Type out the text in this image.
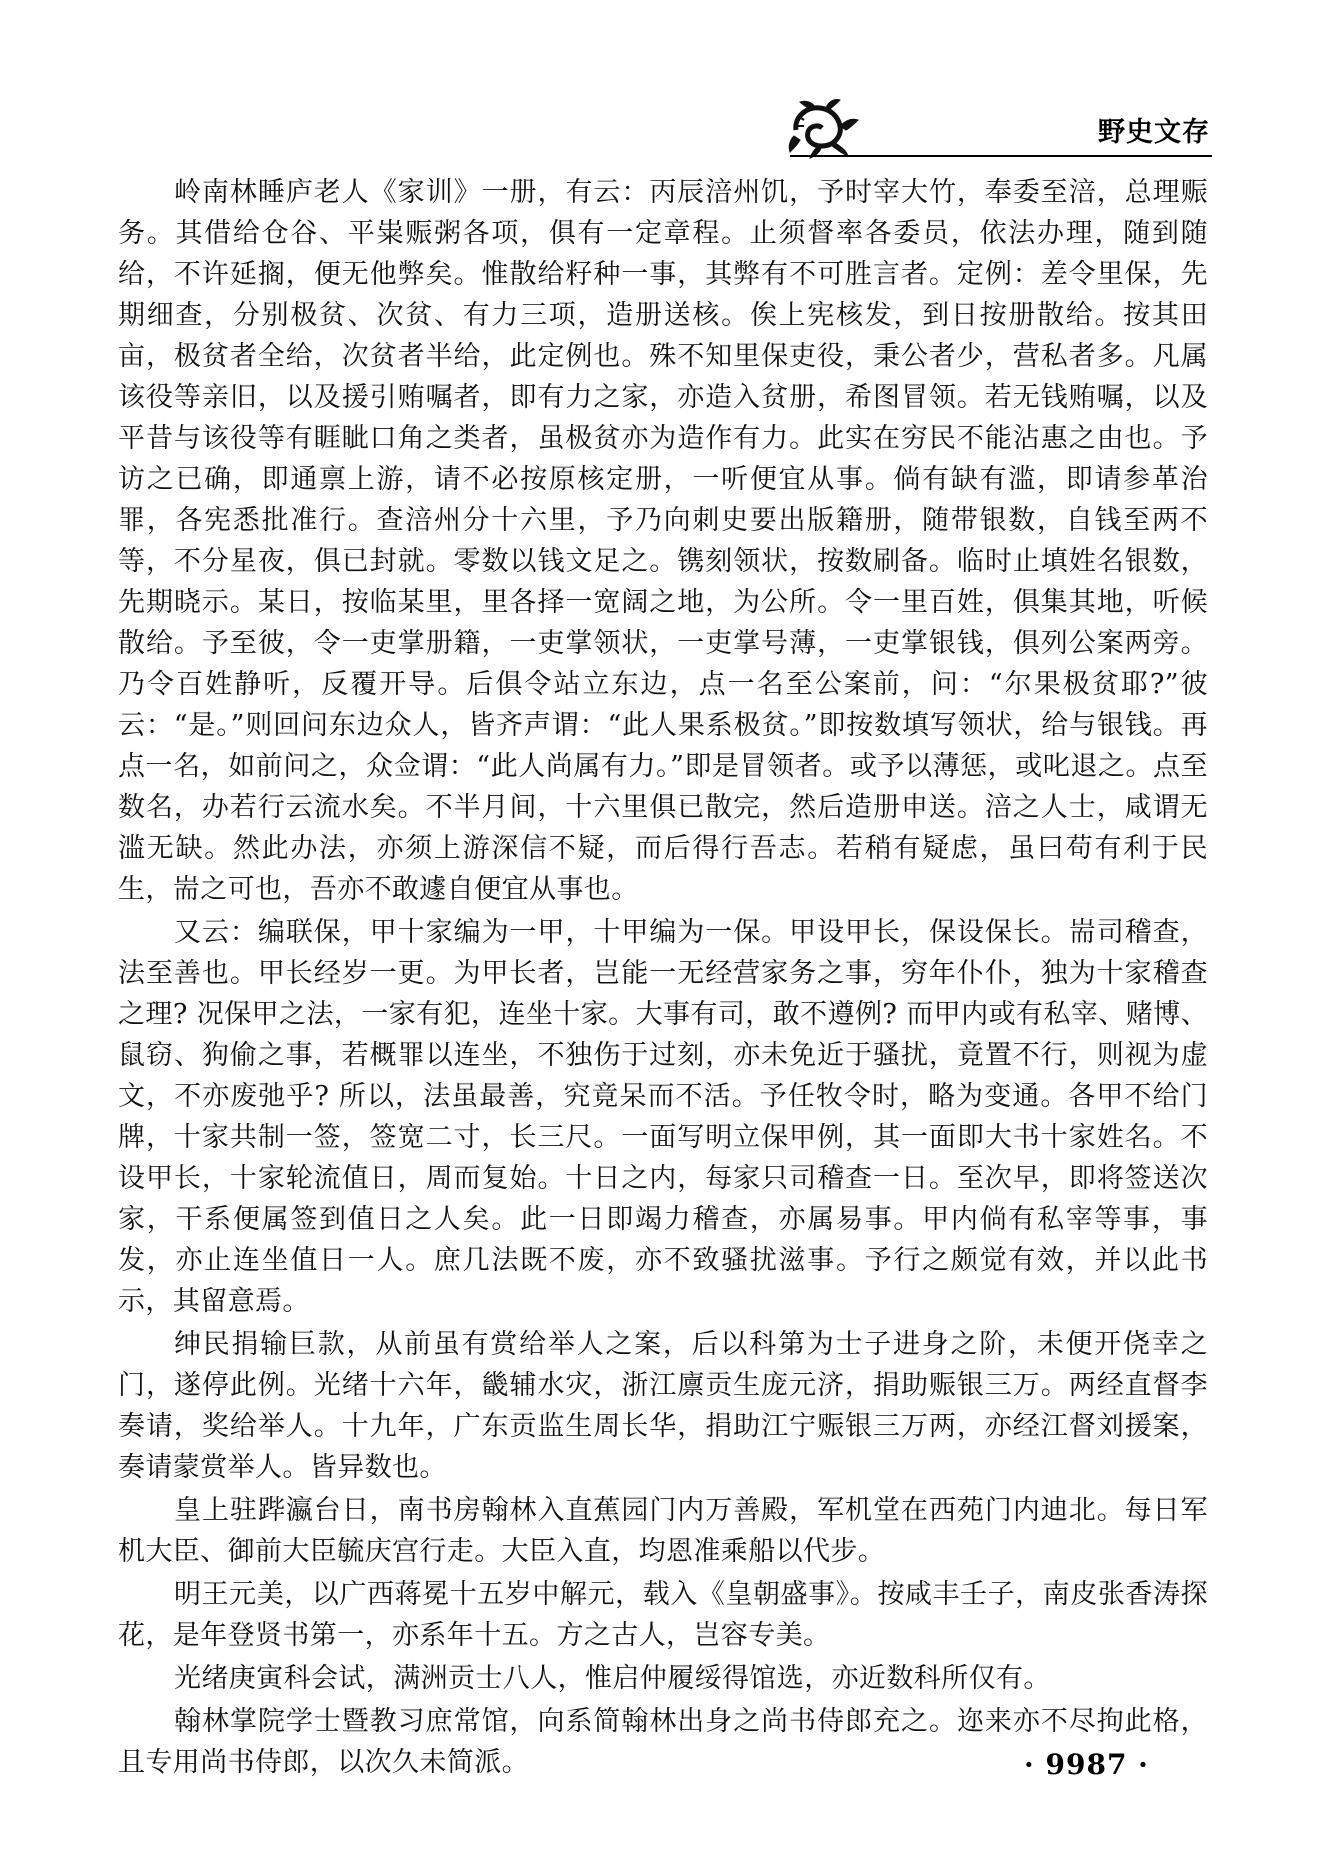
野史文存

岭南林睡庐老人《家训》一册，有云：丙辰涪州饥，予时宰大竹，奉委至涪，总理赈务。其借给仓谷、平粜赈粥各项，俱有一定章程。止须督率各委员，依法办理，随到随给，不许延搁，便无他弊矣。惟散给籽种一事，其弊有不可胜言者。定例：差令里保，先期细查，分别极贫、次贫、有力三项，造册送核。俟上宪核发，到日按册散给。按其田亩，极贫者全给，次贫者半给，此定例也。殊不知里保吏役，秉公者少，营私者多。凡属该役等亲旧，以及援引贿嘱者，即有力之家，亦造入贫册，希图冒领。若无钱贿嘱，以及平昔与该役等有睚眦口角之类者，虽极贫亦为造作有力。此实在穷民不能沾惠之由也。予访之已确，即通禀上游，请不必按原核定册，一听便宜从事。倘有缺有滥，即请参革治罪，各宪悉批准行。查涪州分十六里，予乃向刺史要出版籍册，随带银数，自钱至两不等，不分星夜，俱已封就。零数以钱文足之。镌刻领状，按数刷备。临时止填姓名银数，先期晓示。某日，按临某里，里各择一宽阔之地，为公所。令一里百姓，俱集其地，听候散给。予至彼，令一吏掌册籍，一吏掌领状，一吏掌号薄，一吏掌银钱，俱列公案两旁。乃令百姓静听，反覆开导。后俱令站立东边，点一名至公案前，问：“尔果极贫耶?”彼云：“是。”则回问东边众人，皆齐声谓：“此人果系极贫。”即按数填写领状，给与银钱。再点一名，如前问之，众佥谓：“此人尚属有力。”即是冒领者。或予以薄惩，或叱退之。点至数名，办若行云流水矣。不半月间，十六里俱已散完，然后造册申送。涪之人士，咸谓无滥无缺。然此办法，亦须上游深信不疑，而后得行吾志。若稍有疑虑，虽曰苟有利于民生，耑之可也，吾亦不敢遽自便宜从事也。

又云：编联保，甲十家编为一甲，十甲编为一保。甲设甲长，保设保长。耑司稽查，法至善也。甲长经岁一更。为甲长者，岂能一无经营家务之事，穷年仆仆，独为十家稽查之理? 况保甲之法，一家有犯，连坐十家。大事有司，敢不遵例? 而甲内或有私宰、赌博、鼠窃、狗偷之事，若概罪以连坐，不独伤于过刻，亦未免近于骚扰，竟置不行，则视为虚文，不亦废弛乎? 所以，法虽最善，究竟呆而不活。予任牧令时，略为变通。各甲不给门牌，十家共制一签，签宽二寸，长三尺。一面写明立保甲例，其一面即大书十家姓名。不设甲长，十家轮流值日，周而复始。十日之内，每家只司稽查一日。至次早，即将签送次家，干系便属签到值日之人矣。此一日即竭力稽查，亦属易事。甲内倘有私宰等事，事发，亦止连坐值日一人。庶几法既不废，亦不致骚扰滋事。予行之颇觉有效，并以此书示，其留意焉。

绅民捐输巨款，从前虽有赏给举人之案，后以科第为士子进身之阶，未便开侥幸之门，遂停此例。光绪十六年，畿辅水灾，浙江廪贡生庞元济，捐助赈银三万。两经直督李奏请，奖给举人。十九年，广东贡监生周长华，捐助江宁赈银三万两，亦经江督刘援案，奏请蒙赏举人。皆异数也。

皇上驻跸瀛台日，南书房翰林入直蕉园门内万善殿，军机堂在西苑门内迪北。每日军机大臣、御前大臣毓庆宫行走。大臣入直，均恩准乘船以代步。

明王元美，以广西蒋冕十五岁中解元，载入《皇朝盛事》。按咸丰壬子，南皮张香涛探花，是年登贤书第一，亦系年十五。方之古人，岂容专美。

光绪庚寅科会试，满洲贡士八人，惟启仲履绥得馆选，亦近数科所仅有。

翰林掌院学士暨教习庶常馆，向系简翰林出身之尚书侍郎充之。迩来亦不尽拘此格，且专用尚书侍郎，以次久未简派。	· 9987 ·
